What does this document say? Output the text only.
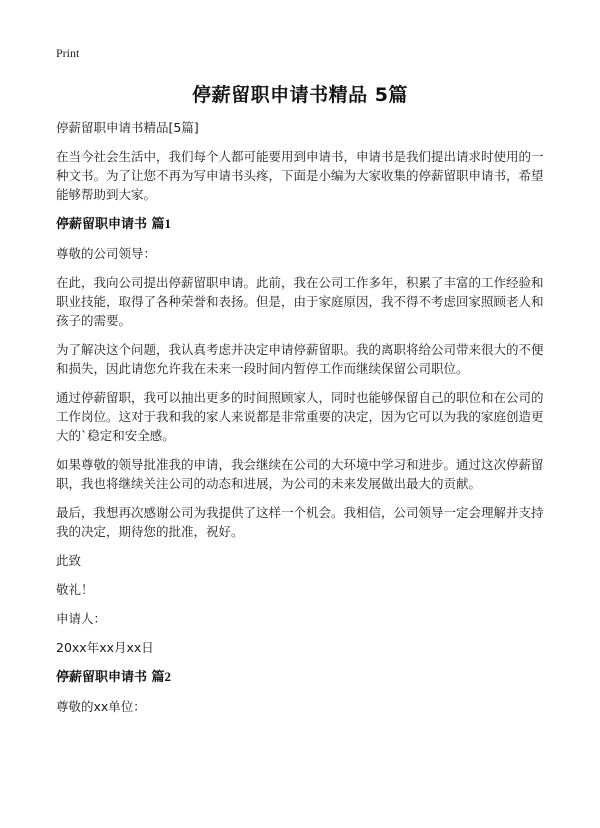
Print
停薪留职申请书精品 5篇
停薪留职申请书精品[5篇]
在当今社会生活中，我们每个人都可能要用到申请书，申请书是我们提出请求时使用的一种文书。为了让您不再为写申请书头疼，下面是小编为大家收集的停薪留职申请书，希望能够帮助到大家。
停薪留职申请书 篇1
尊敬的公司领导：
在此，我向公司提出停薪留职申请。此前，我在公司工作多年，积累了丰富的工作经验和职业技能，取得了各种荣誉和表扬。但是，由于家庭原因，我不得不考虑回家照顾老人和孩子的需要。
为了解决这个问题，我认真考虑并决定申请停薪留职。我的离职将给公司带来很大的不便和损失，因此请您允许我在未来一段时间内暂停工作而继续保留公司职位。
通过停薪留职，我可以抽出更多的时间照顾家人，同时也能够保留自己的职位和在公司的工作岗位。这对于我和我的家人来说都是非常重要的决定，因为它可以为我的家庭创造更大的`稳定和安全感。
如果尊敬的领导批准我的申请，我会继续在公司的大环境中学习和进步。通过这次停薪留职，我也将继续关注公司的动态和进展，为公司的未来发展做出最大的贡献。
最后，我想再次感谢公司为我提供了这样一个机会。我相信，公司领导一定会理解并支持我的决定，期待您的批准，祝好。
此致
敬礼！
申请人：
20xx年xx月xx日
停薪留职申请书 篇2
尊敬的xx单位：
